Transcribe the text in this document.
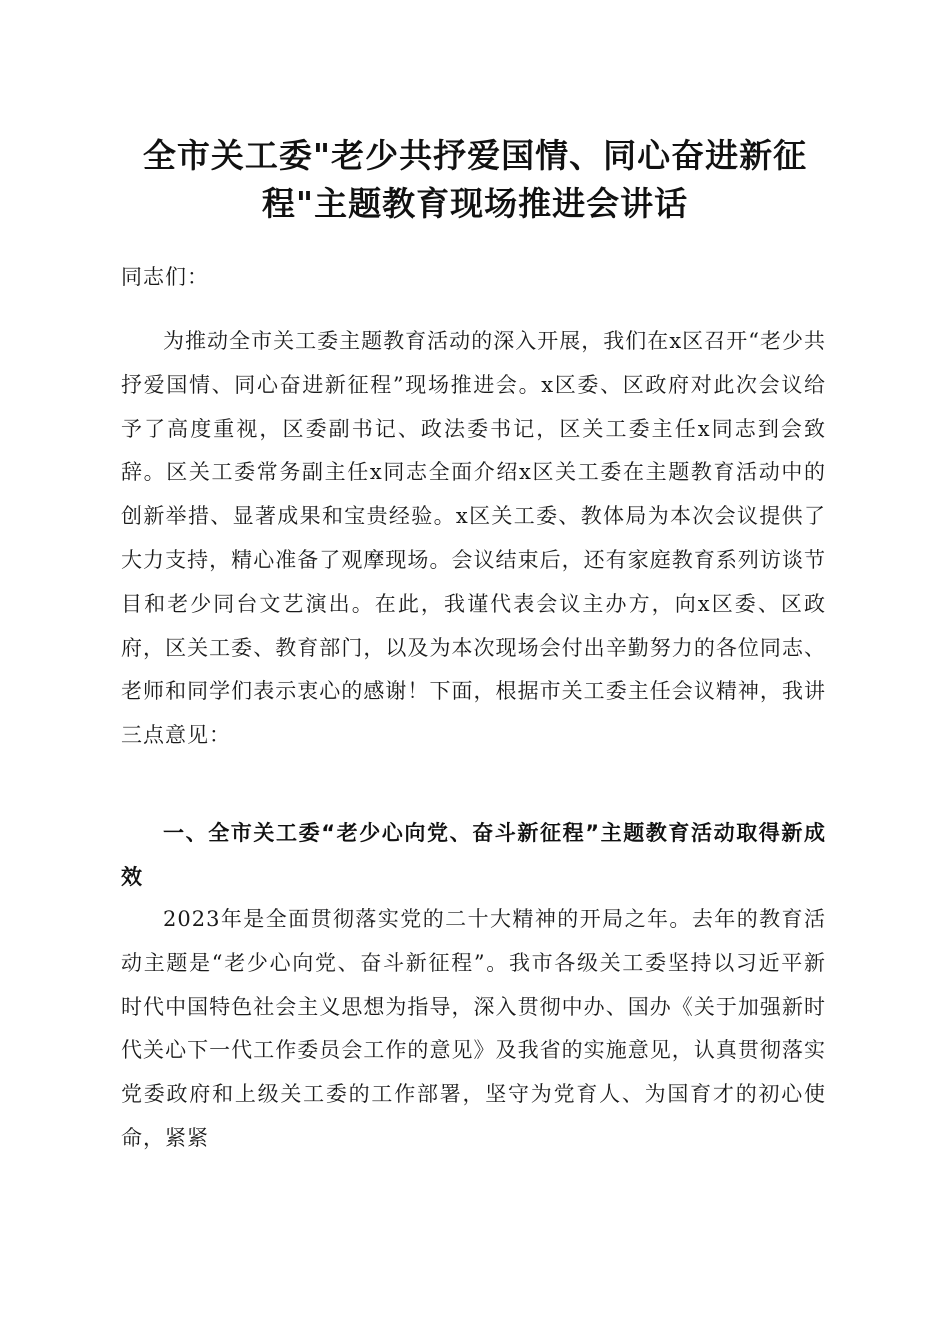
全市关工委"老少共抒爱国情、同心奋进新征程"主题教育现场推进会讲话

同志们：

为推动全市关工委主题教育活动的深入开展，我们在x区召开“老少共抒爱国情、同心奋进新征程”现场推进会。x区委、区政府对此次会议给予了高度重视，区委副书记、政法委书记，区关工委主任x同志到会致辞。区关工委常务副主任x同志全面介绍x区关工委在主题教育活动中的创新举措、显著成果和宝贵经验。x区关工委、教体局为本次会议提供了大力支持，精心准备了观摩现场。会议结束后，还有家庭教育系列访谈节目和老少同台文艺演出。在此，我谨代表会议主办方，向x区委、区政府，区关工委、教育部门，以及为本次现场会付出辛勤努力的各位同志、老师和同学们表示衷心的感谢！下面，根据市关工委主任会议精神，我讲三点意见：

一、全市关工委“老少心向党、奋斗新征程”主题教育活动取得新成效

2023年是全面贯彻落实党的二十大精神的开局之年。去年的教育活动主题是“老少心向党、奋斗新征程”。我市各级关工委坚持以习近平新时代中国特色社会主义思想为指导，深入贯彻中办、国办《关于加强新时代关心下一代工作委员会工作的意见》及我省的实施意见，认真贯彻落实党委政府和上级关工委的工作部署，坚守为党育人、为国育才的初心使命，紧紧
